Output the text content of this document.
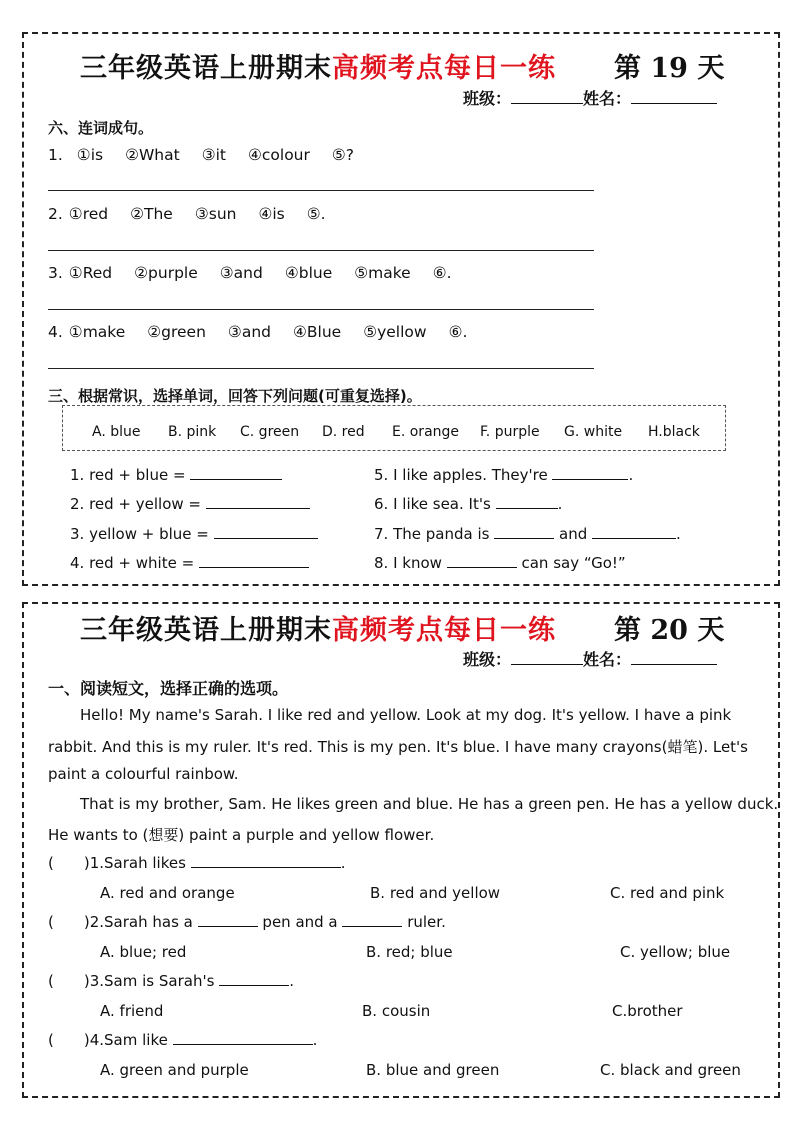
三年级英语上册期末高频考点每日一练 第 19 天
班级：	姓名：
六、连词成句。
1. ①is ②What ③it ④colour ⑤?
2. ①red ②The ③sun ④is ⑤.
3. ①Red ②purple ③and ④blue ⑤make ⑥.
4. ①make ②green ③and ④Blue ⑤yellow ⑥.
三、根据常识，选择单词，回答下列问题(可重复选择)。
A. blue B. pink C. green D. red E. orange F. purple G. white H.black
1. red + blue =
2. red + yellow =
3. yellow + blue =
4. red + white =
5. I like apples. They're	.
6. I like sea. It's	.
7. The panda is	and	.
8. I know	can say “Go!”
三年级英语上册期末高频考点每日一练 第 20 天
班级：	姓名：
一、阅读短文，选择正确的选项。
Hello! My name's Sarah. I like red and yellow. Look at my dog. It's yellow. I have a pink
rabbit. And this is my ruler. It's red. This is my pen. It's blue. I have many crayons(蜡笔). Let's
paint a colourful rainbow.
That is my brother, Sam. He likes green and blue. He has a green pen. He has a yellow duck.
He wants to (想要) paint a purple and yellow flower.
( )1.Sarah likes	.
A. red and orange	B. red and yellow	C. red and pink
( )2.Sarah has a	pen and a	ruler.
A. blue; red	B. red; blue	C. yellow; blue
( )3.Sam is Sarah's	.
A. friend	B. cousin	C.brother
( )4.Sam like	.
A. green and purple	B. blue and green	C. black and green
